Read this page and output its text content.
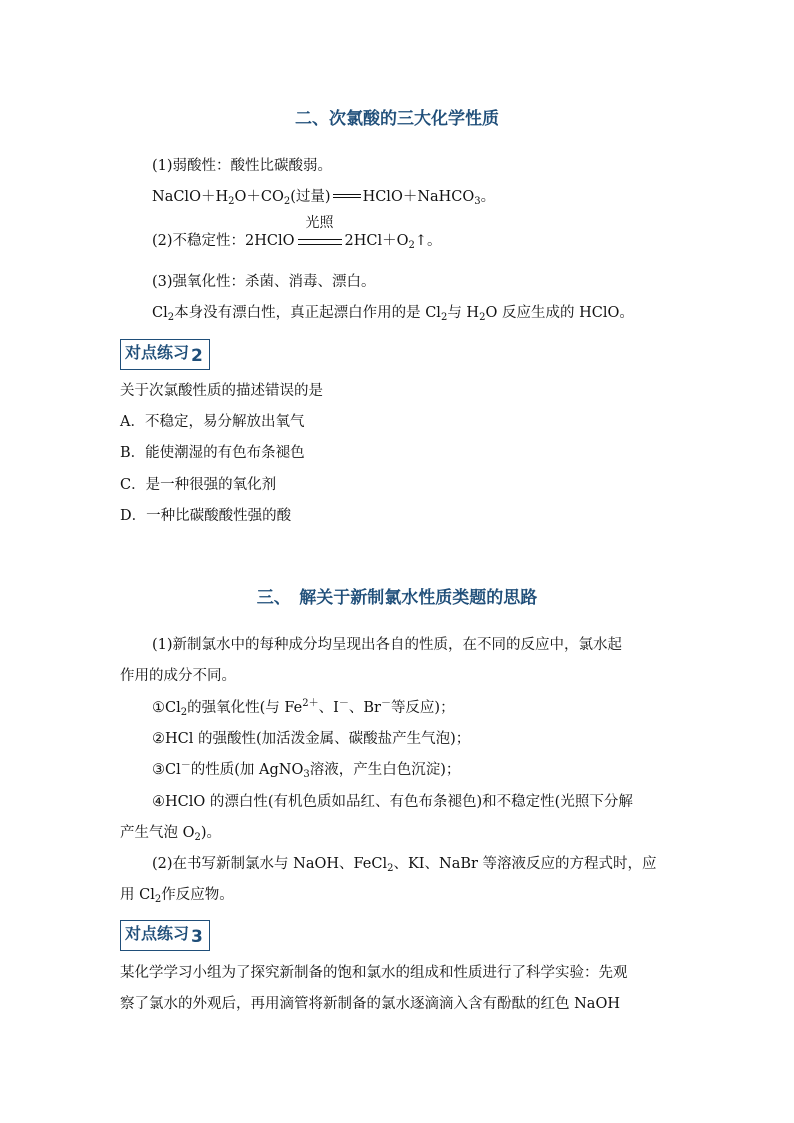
二、次氯酸的三大化学性质
(1)弱酸性：酸性比碳酸弱。
$NaClO+H_2O+CO_2$(过量) HClO＋NaHCO$_3$。
(2)不稳定性：2HClO
光照
$2HCl+O_2↑$。
(3)强氧化性：杀菌、消毒、漂白。
$Cl_2$本身没有漂白性，真正起漂白作用的是 $Cl_2$与 $H_2O$ 反应生成的 HClO。
对点练习 2
关于次氯酸性质的描述错误的是
A．不稳定，易分解放出氧气
B．能使潮湿的有色布条褪色
C．是一种很强的氧化剂
D．一种比碳酸酸性强的酸
三、　解关于新制氯水性质类题的思路
(1)新制氯水中的每种成分均呈现出各自的性质，在不同的反应中，氯水起
作用的成分不同。
$①Cl_2$的强氧化性(与 $Fe^{2+}$、I－、Br－等反应)；
②HCl 的强酸性(加活泼金属、碳酸盐产生气泡)；
③Cl－的性质(加 AgNO$_3$溶液，产生白色沉淀)；
④HClO 的漂白性(有机色质如品红、有色布条褪色)和不稳定性(光照下分解
产生气泡 $O_2$)。
(2)在书写新制氯水与 NaOH、FeCl$_2$、KI、NaBr 等溶液反应的方程式时，应
用 $Cl_2$作反应物。
对点练习 3
某化学学习小组为了探究新制备的饱和氯水的组成和性质进行了科学实验：先观
察了氯水的外观后，再用滴管将新制备的氯水逐滴滴入含有酚酞的红色 NaOH
